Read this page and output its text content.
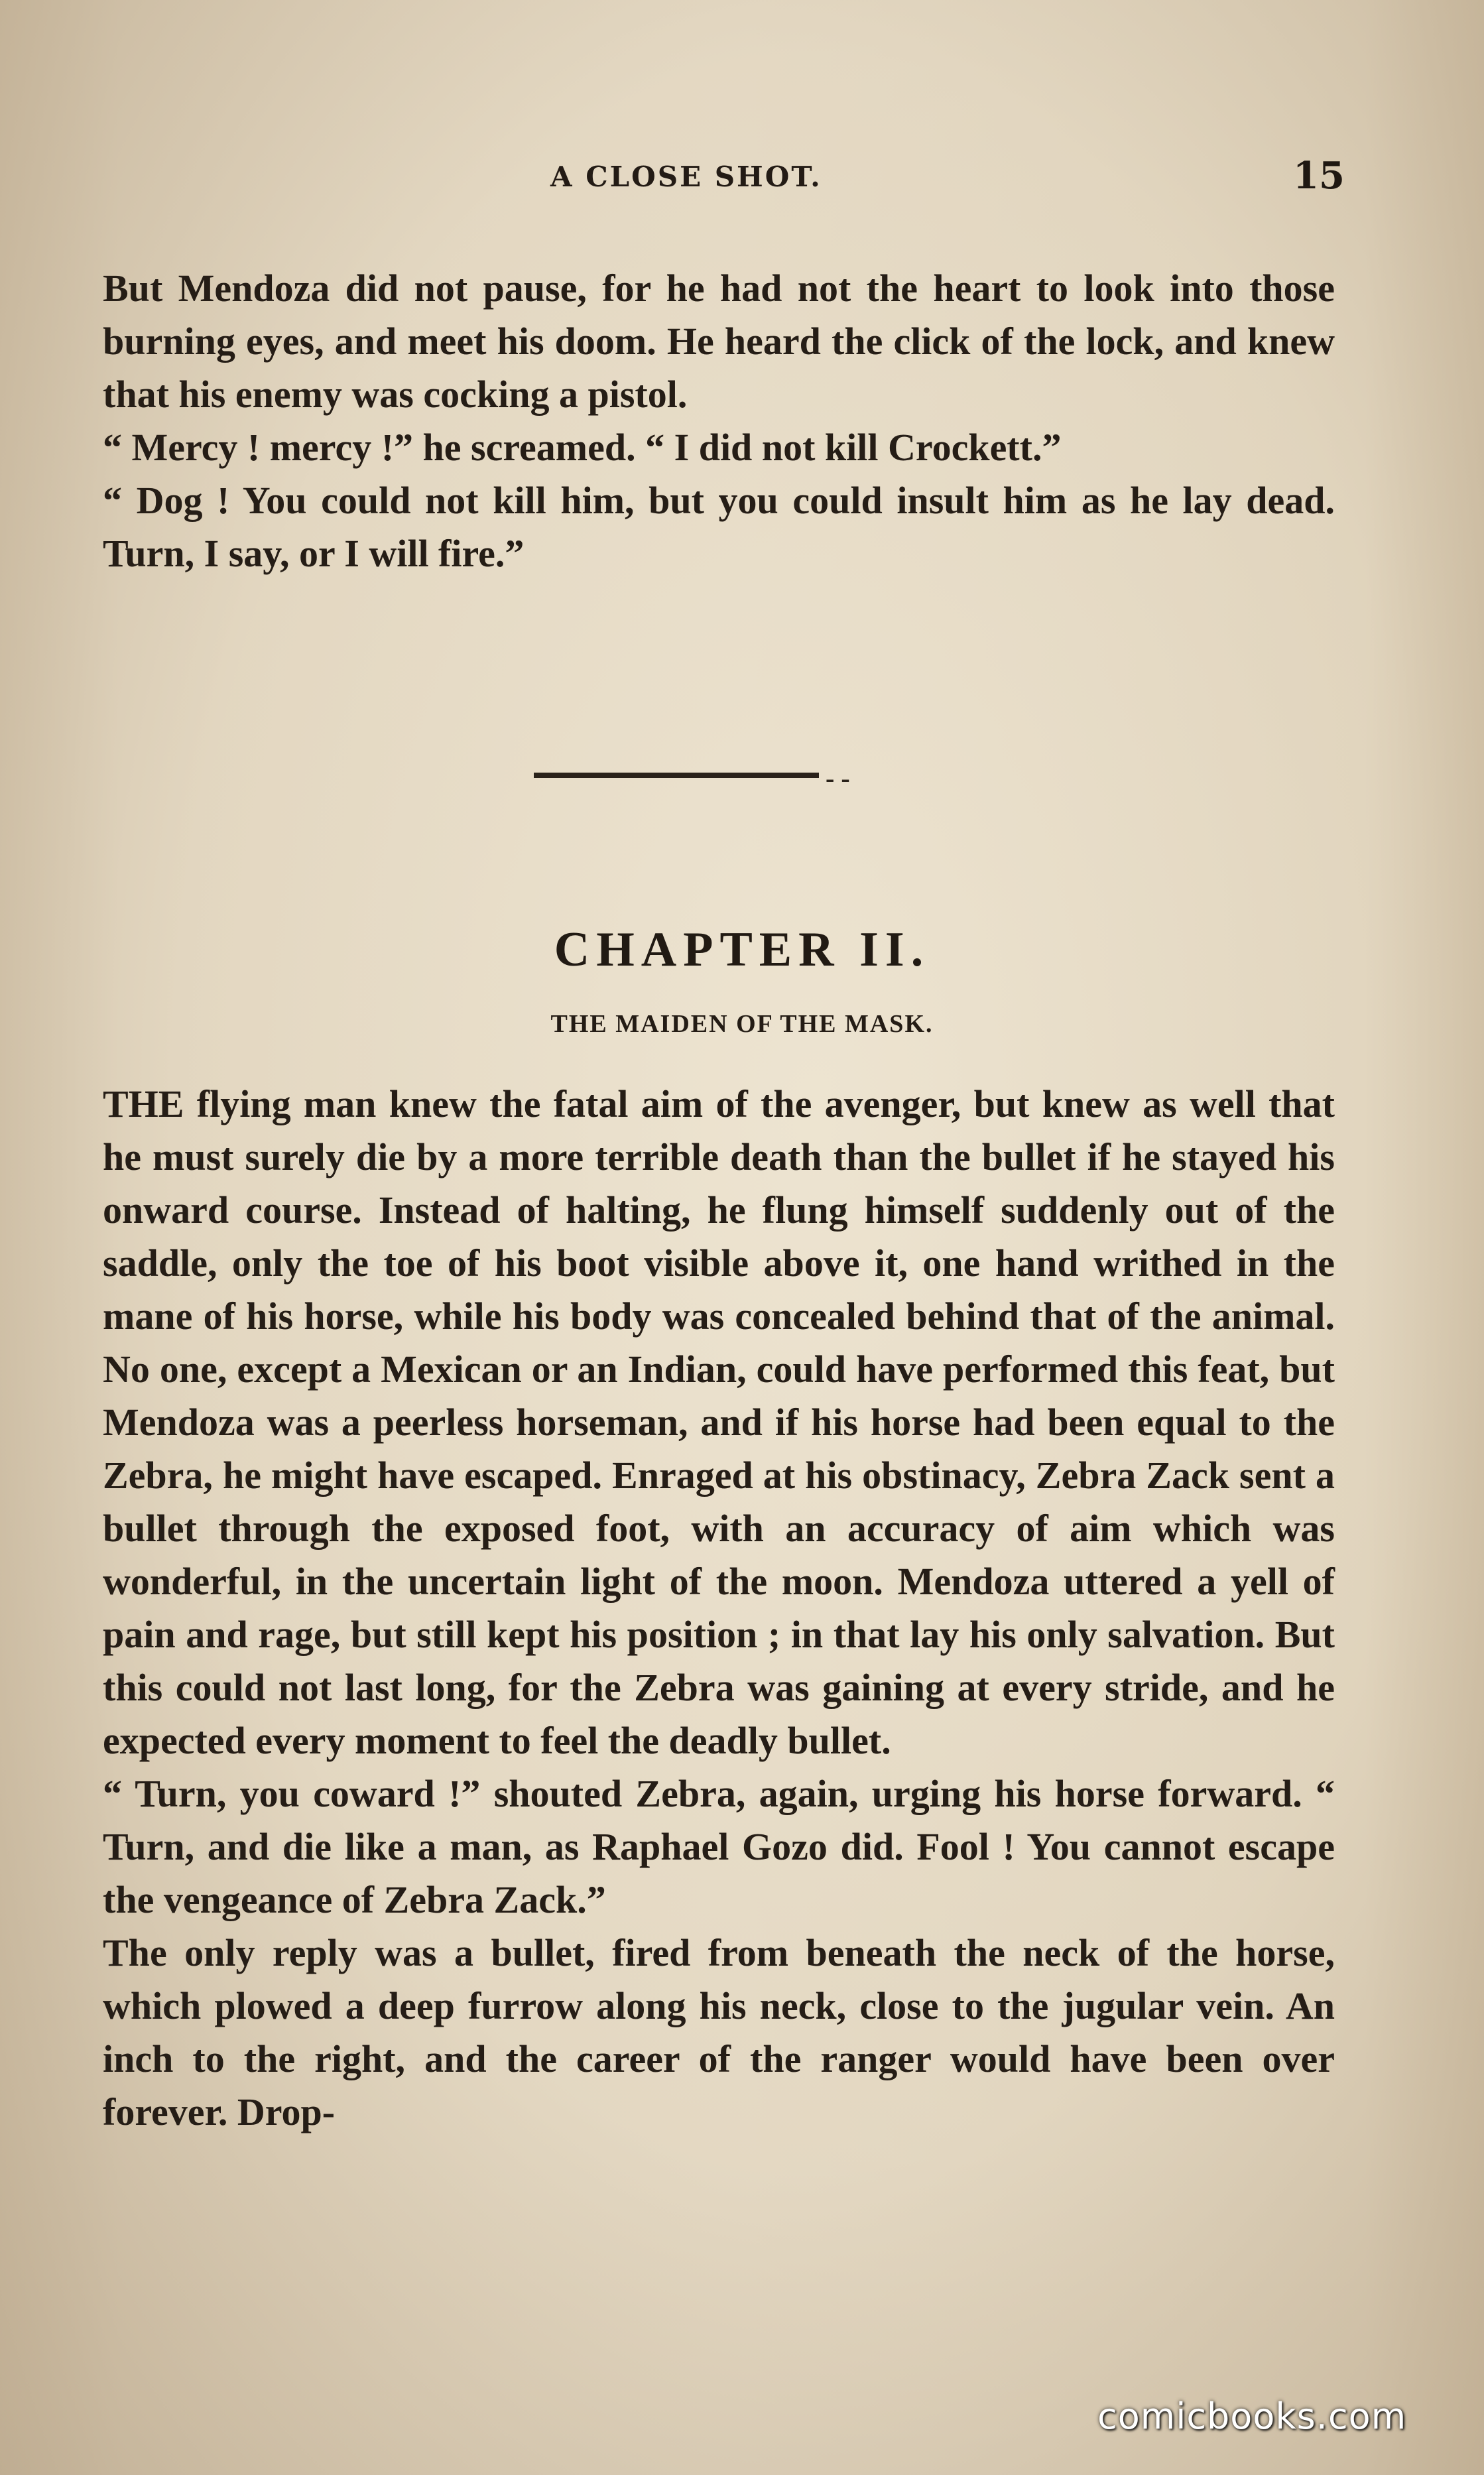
A CLOSE SHOT.	15

But Mendoza did not pause, for he had not the heart to look into those burning eyes, and meet his doom. He heard the click of the lock, and knew that his enemy was cocking a pistol.

“ Mercy ! mercy !” he screamed. “ I did not kill Crockett.”

“ Dog ! You could not kill him, but you could insult him as he lay dead. Turn, I say, or I will fire.”

- -
CHAPTER II.
THE MAIDEN OF THE MASK.

THE flying man knew the fatal aim of the avenger, but knew as well that he must surely die by a more terrible death than the bullet if he stayed his onward course. Instead of halting, he flung himself suddenly out of the saddle, only the toe of his boot visible above it, one hand writhed in the mane of his horse, while his body was concealed behind that of the animal. No one, except a Mexican or an Indian, could have performed this feat, but Mendoza was a peerless horseman, and if his horse had been equal to the Zebra, he might have escaped. Enraged at his obstinacy, Zebra Zack sent a bullet through the exposed foot, with an accuracy of aim which was wonderful, in the uncertain light of the moon. Mendoza uttered a yell of pain and rage, but still kept his position ; in that lay his only salvation. But this could not last long, for the Zebra was gaining at every stride, and he expected every moment to feel the deadly bullet.

“ Turn, you coward !” shouted Zebra, again, urging his horse forward. “ Turn, and die like a man, as Raphael Gozo did. Fool ! You cannot escape the vengeance of Zebra Zack.”

The only reply was a bullet, fired from beneath the neck of the horse, which plowed a deep furrow along his neck, close to the jugular vein. An inch to the right, and the career of the ranger would have been over forever. Drop-

comicbooks.com
